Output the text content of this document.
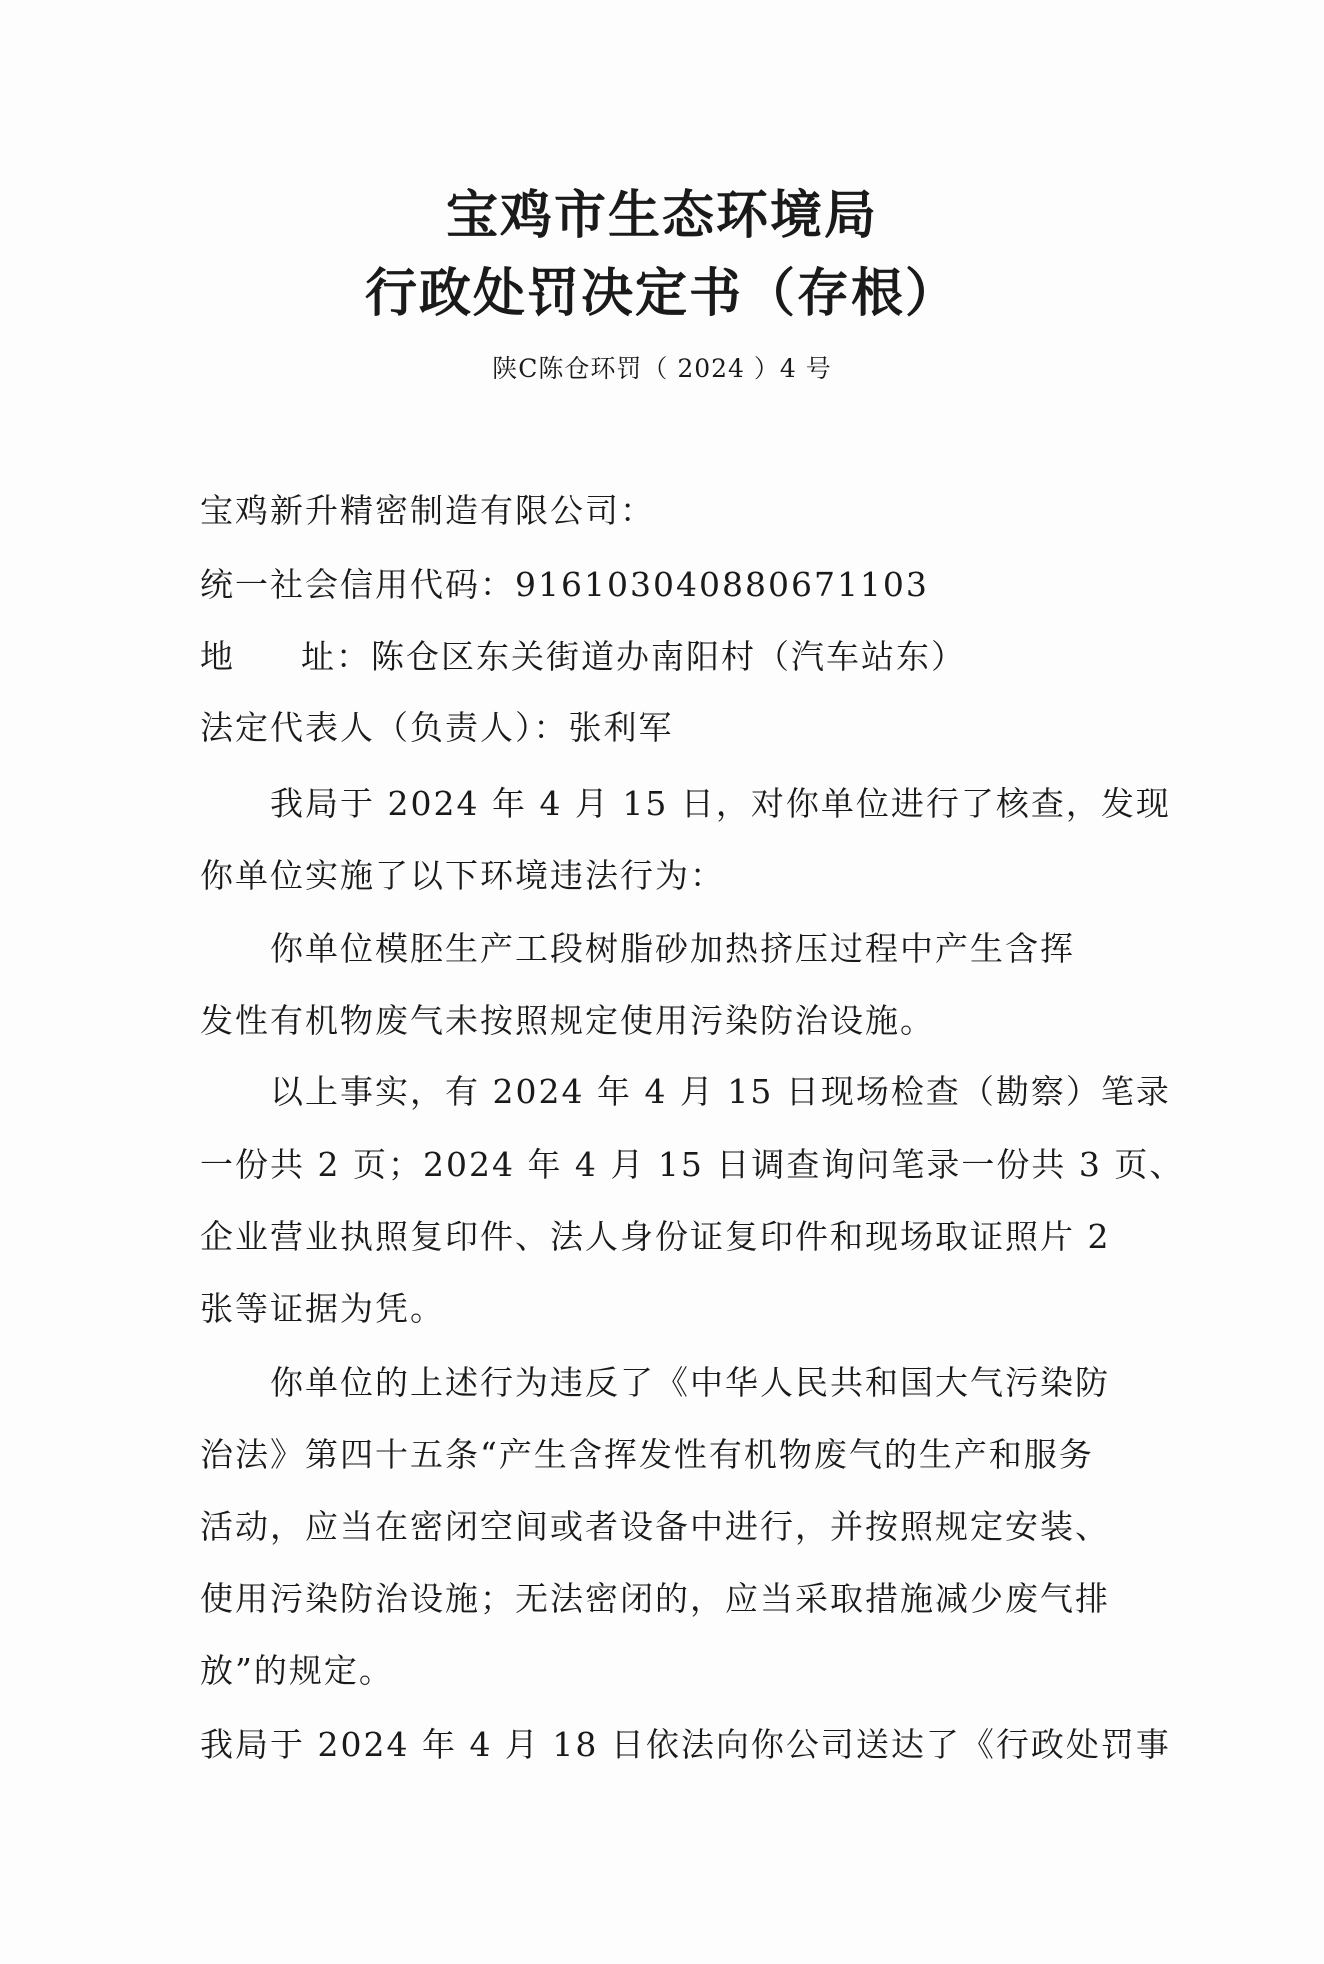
宝鸡市生态环境局
行政处罚决定书（存根）
陕C陈仓环罚（ 2024 ）4 号
宝鸡新升精密制造有限公司：
统一社会信用代码：916103040880671103
地 址：陈仓区东关街道办南阳村（汽车站东）
法定代表人（负责人）：张利军
我局于 2024 年 4 月 15 日，对你单位进行了核查，发现
你单位实施了以下环境违法行为：
你单位模胚生产工段树脂砂加热挤压过程中产生含挥
发性有机物废气未按照规定使用污染防治设施。
以上事实，有 2024 年 4 月 15 日现场检查（勘察）笔录
一份共 2 页；2024 年 4 月 15 日调查询问笔录一份共 3 页、
企业营业执照复印件、法人身份证复印件和现场取证照片 2
张等证据为凭。
你单位的上述行为违反了《中华人民共和国大气污染防
治法》第四十五条“产生含挥发性有机物废气的生产和服务
活动，应当在密闭空间或者设备中进行，并按照规定安装、
使用污染防治设施；无法密闭的，应当采取措施减少废气排
放”的规定。
我局于 2024 年 4 月 18 日依法向你公司送达了《行政处罚事
